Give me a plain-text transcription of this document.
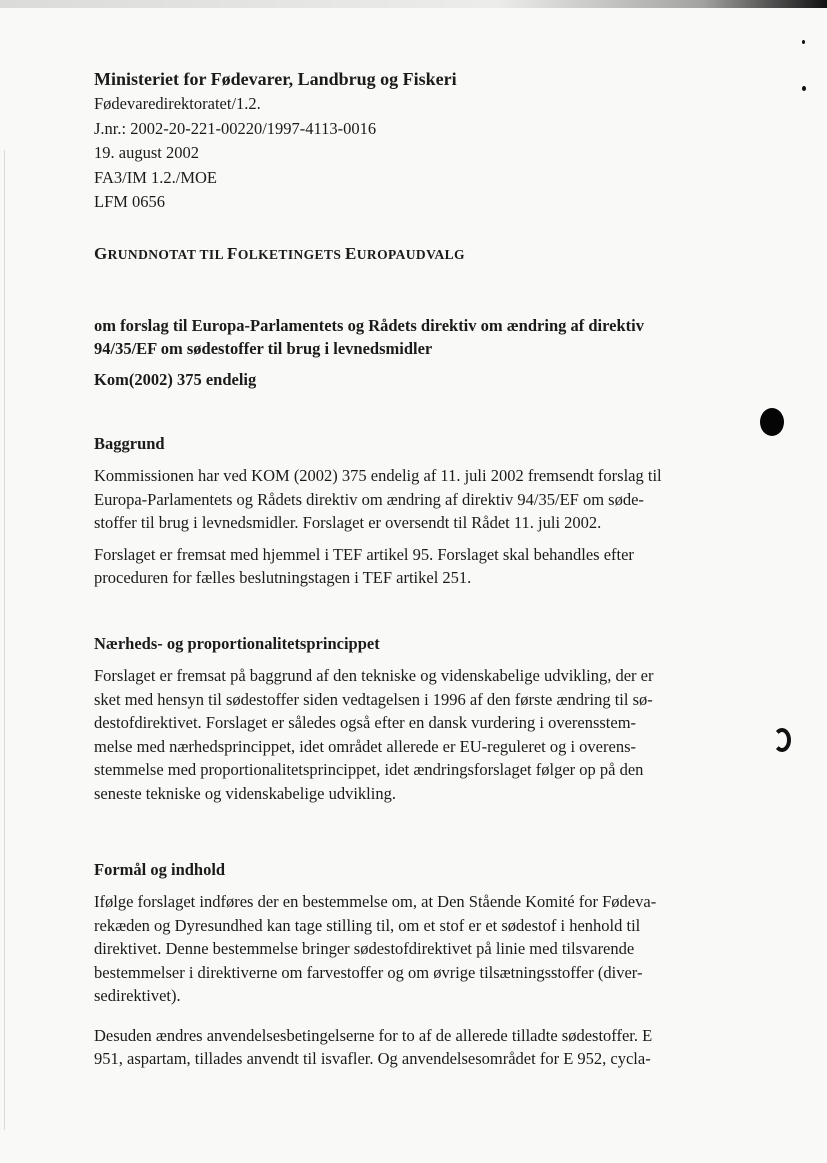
Ministeriet for Fødevarer, Landbrug og Fiskeri

Fødevaredirektoratet/1.2.

J.nr.: 2002-20-221-00220/1997-4113-0016

19. august 2002

FA3/IM 1.2./MOE

LFM 0656

GRUNDNOTAT TIL FOLKETINGETS EUROPAUDVALG

om forslag til Europa-Parlamentets og Rådets direktiv om ændring af direktiv
94/35/EF om sødestoffer til brug i levnedsmidler

Kom(2002) 375 endelig

Baggrund

Kommissionen har ved KOM (2002) 375 endelig af 11. juli 2002 fremsendt forslag til
Europa-Parlamentets og Rådets direktiv om ændring af direktiv 94/35/EF om søde-
stoffer til brug i levnedsmidler. Forslaget er oversendt til Rådet 11. juli 2002.

Forslaget er fremsat med hjemmel i TEF artikel 95. Forslaget skal behandles efter
proceduren for fælles beslutningstagen i TEF artikel 251.

Nærheds- og proportionalitetsprincippet

Forslaget er fremsat på baggrund af den tekniske og videnskabelige udvikling, der er
sket med hensyn til sødestoffer siden vedtagelsen i 1996 af den første ændring til sø-
destofdirektivet. Forslaget er således også efter en dansk vurdering i overensstem-
melse med nærhedsprincippet, idet området allerede er EU-reguleret og i overens-
stemmelse med proportionalitetsprincippet, idet ændringsforslaget følger op på den
seneste tekniske og videnskabelige udvikling.

Formål og indhold

Ifølge forslaget indføres der en bestemmelse om, at Den Stående Komité for Fødeva-
rekæden og Dyresundhed kan tage stilling til, om et stof er et sødestof i henhold til
direktivet. Denne bestemmelse bringer sødestofdirektivet på linie med tilsvarende
bestemmelser i direktiverne om farvestoffer og om øvrige tilsætningsstoffer (diver-
sedirektivet).

Desuden ændres anvendelsesbetingelserne for to af de allerede tilladte sødestoffer. E
951, aspartam, tillades anvendt til isvafler. Og anvendelsesområdet for E 952, cycla-
